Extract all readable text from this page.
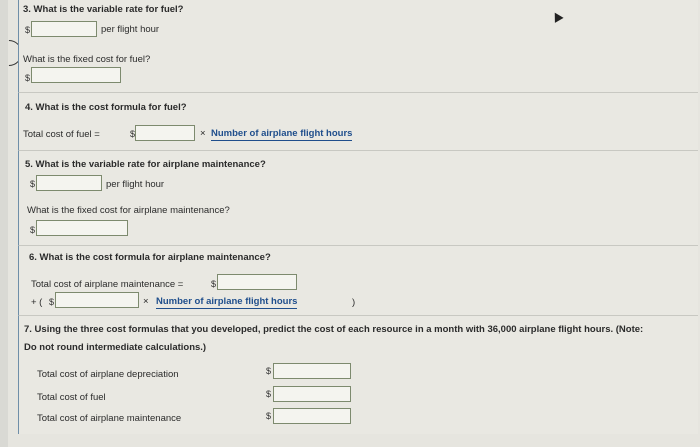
3. What is the variable rate for fuel?
$	per flight hour
What is the fixed cost for fuel?
$
4. What is the cost formula for fuel?
Total cost of fuel =	$	× Number of airplane flight hours
5. What is the variable rate for airplane maintenance?
$	per flight hour
What is the fixed cost for airplane maintenance?
$
6. What is the cost formula for airplane maintenance?
Total cost of airplane maintenance =	$
+ ( $	× Number of airplane flight hours	)
7. Using the three cost formulas that you developed, predict the cost of each resource in a month with 36,000 airplane flight hours. (Note:
Do not round intermediate calculations.)
Total cost of airplane depreciation	$
Total cost of fuel	$
Total cost of airplane maintenance	$
